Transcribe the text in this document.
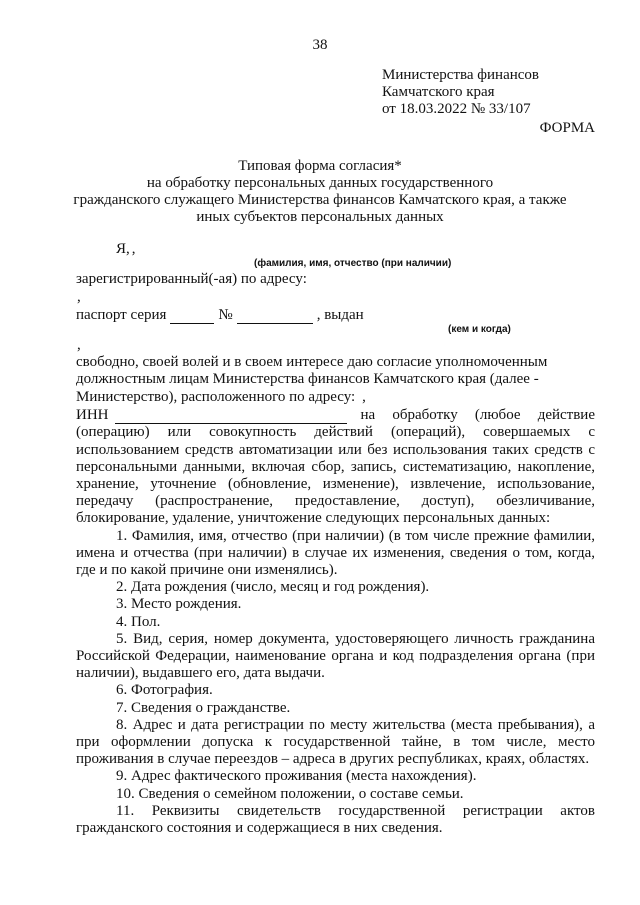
38
Министерства финансов
Камчатского края
от 18.03.2022 № 33/107
ФОРМА
Типовая форма согласия*
на обработку персональных данных государственного
гражданского служащего Министерства финансов Камчатского края, а также
иных субъектов персональных данных
Я, ,
(фамилия, имя, отчество (при наличии)
зарегистрированный(-ая) по адресу:
,
паспорт серия	№	, выдан
(кем и когда)
,

свободно, своей волей и в своем интересе даю согласие уполномоченным

должностным лицам Министерства финансов Камчатского края (далее -

Министерство), расположенного по адресу: ,
ИНН	на обработку (любое действие

(операцию) или совокупность действий (операций), совершаемых с использованием средств автоматизации или без использования таких средств с персональными данными, включая сбор, запись, систематизацию, накопление, хранение, уточнение (обновление, изменение), извлечение, использование, передачу (распространение, предоставление, доступ), обезличивание, блокирование, удаление, уничтожение следующих персональных данных:

1. Фамилия, имя, отчество (при наличии) (в том числе прежние фамилии, имена и отчества (при наличии) в случае их изменения, сведения о том, когда, где и по какой причине они изменялись).

2. Дата рождения (число, месяц и год рождения).

3. Место рождения.

4. Пол.

5. Вид, серия, номер документа, удостоверяющего личность гражданина Российской Федерации, наименование органа и код подразделения органа (при наличии), выдавшего его, дата выдачи.

6. Фотография.

7. Сведения о гражданстве.

8. Адрес и дата регистрации по месту жительства (места пребывания), а при оформлении допуска к государственной тайне, в том числе, место проживания в случае переездов – адреса в других республиках, краях, областях.

9. Адрес фактического проживания (места нахождения).

10. Сведения о семейном положении, о составе семьи.

11. Реквизиты свидетельств государственной регистрации актов гражданского состояния и содержащиеся в них сведения.
